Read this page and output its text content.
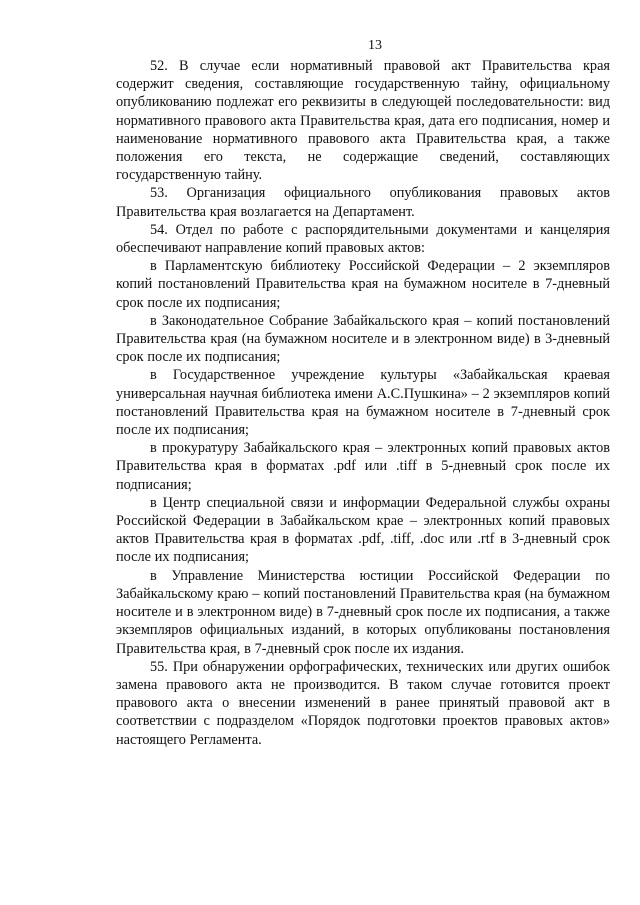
13

52. В случае если нормативный правовой акт Правительства края содержит сведения, составляющие государственную тайну, официальному опубликованию подлежат его реквизиты в следующей последовательности: вид нормативного правового акта Правительства края, дата его подписания, номер и наименование нормативного правового акта Правительства края, а также положения его текста, не содержащие сведений, составляющих государственную тайну.

53. Организация официального опубликования правовых актов Правительства края возлагается на Департамент.

54. Отдел по работе с распорядительными документами и канцелярия обеспечивают направление копий правовых актов:

в Парламентскую библиотеку Российской Федерации – 2 экземпляров копий постановлений Правительства края на бумажном носителе в 7-дневный срок после их подписания;

в Законодательное Собрание Забайкальского края – копий постановлений Правительства края (на бумажном носителе и в электронном виде) в 3-дневный срок после их подписания;

в Государственное учреждение культуры «Забайкальская краевая универсальная научная библиотека имени А.С.Пушкина» – 2 экземпляров копий постановлений Правительства края на бумажном носителе в 7-дневный срок после их подписания;

в прокуратуру Забайкальского края – электронных копий правовых актов Правительства края в форматах .pdf или .tiff в 5-дневный срок после их подписания;

в Центр специальной связи и информации Федеральной службы охраны Российской Федерации в Забайкальском крае – электронных копий правовых актов Правительства края в форматах .pdf, .tiff, .doc или .rtf в 3-дневный срок после их подписания;

в Управление Министерства юстиции Российской Федерации по Забайкальскому краю – копий постановлений Правительства края (на бумажном носителе и в электронном виде) в 7-дневный срок после их подписания, а также экземпляров официальных изданий, в которых опубликованы постановления Правительства края, в 7-дневный срок после их издания.

55. При обнаружении орфографических, технических или других ошибок замена правового акта не производится. В таком случае готовится проект правового акта о внесении изменений в ранее принятый правовой акт в соответствии с подразделом «Порядок подготовки проектов правовых актов» настоящего Регламента.
